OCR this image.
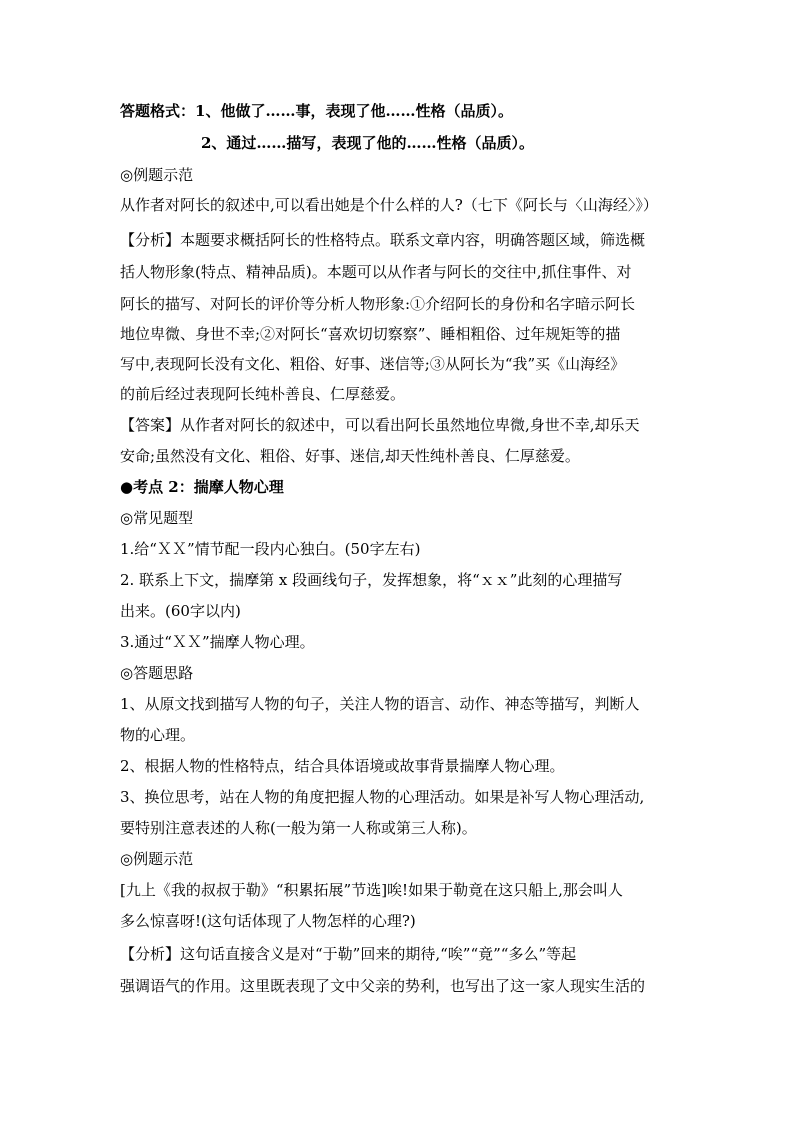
答题格式：1、他做了……事，表现了他……性格（品质）。
2、通过……描写，表现了他的……性格（品质）。
◎例题示范
从作者对阿长的叙述中,可以看出她是个什么样的人?（七下《阿长与〈山海经〉》）
【分析】本题要求概括阿长的性格特点。联系文章内容，明确答题区域，筛选概
括人物形象(特点、精神品质)。本题可以从作者与阿长的交往中,抓住事件、对
阿长的描写、对阿长的评价等分析人物形象:①介绍阿长的身份和名字暗示阿长
地位卑微、身世不幸;②对阿长“喜欢切切察察”、睡相粗俗、过年规矩等的描
写中,表现阿长没有文化、粗俗、好事、迷信等;③从阿长为“我”买《山海经》
的前后经过表现阿长纯朴善良、仁厚慈爱。
【答案】从作者对阿长的叙述中，可以看出阿长虽然地位卑微,身世不幸,却乐天
安命;虽然没有文化、粗俗、好事、迷信,却天性纯朴善良、仁厚慈爱。
●考点 2：揣摩人物心理
◎常见题型
1.给“ＸＸ”情节配一段内心独白。(50字左右)
2. 联系上下文，揣摩第 x 段画线句子，发挥想象，将“ｘｘ”此刻的心理描写
出来。(60字以内)
3.通过“ＸＸ”揣摩人物心理。
◎答题思路
1、从原文找到描写人物的句子，关注人物的语言、动作、神态等描写，判断人
物的心理。
2、根据人物的性格特点，结合具体语境或故事背景揣摩人物心理。
3、换位思考，站在人物的角度把握人物的心理活动。如果是补写人物心理活动,
要特别注意表述的人称(一般为第一人称或第三人称)。
◎例题示范
[九上《我的叔叔于勒》“积累拓展”节选]唉!如果于勒竟在这只船上,那会叫人
多么惊喜呀!(这句话体现了人物怎样的心理?)
【分析】这句话直接含义是对“于勒”回来的期待,“唉”“竟”“多么”等起
强调语气的作用。这里既表现了文中父亲的势利，也写出了这一家人现实生活的
